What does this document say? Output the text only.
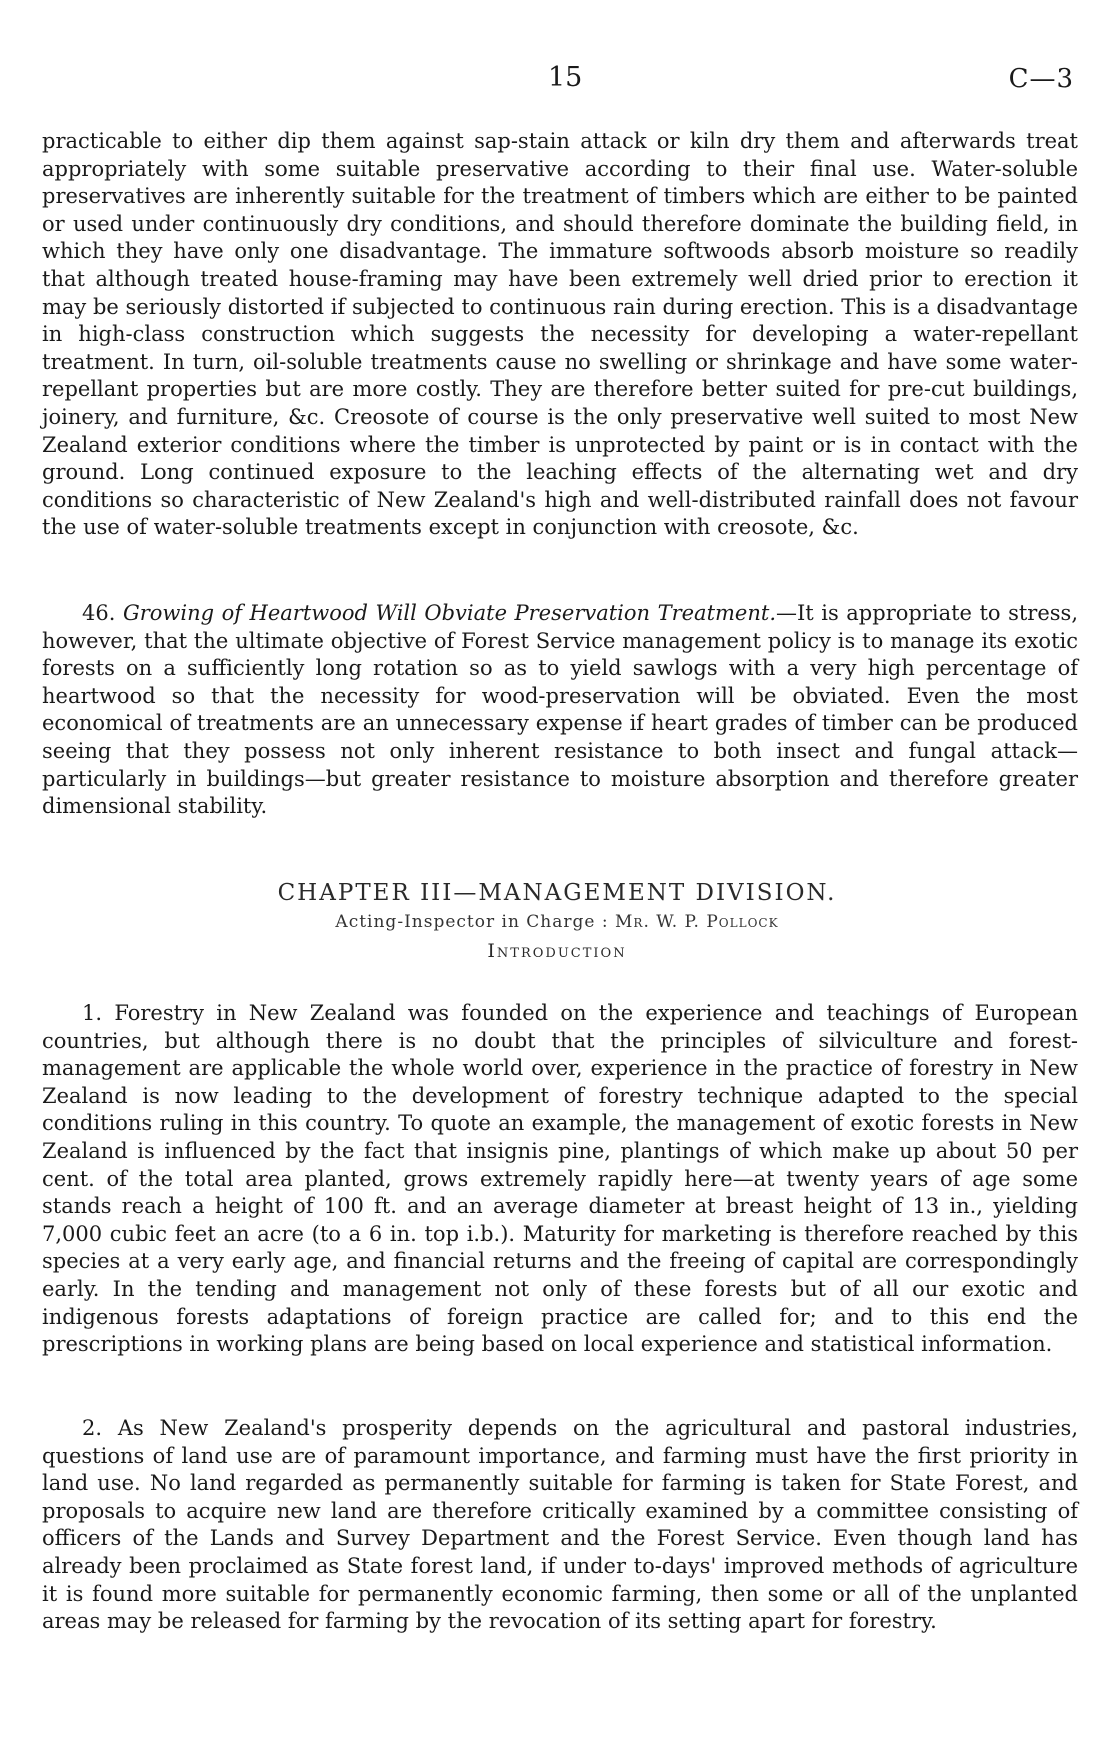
15	C—3

practicable to either dip them against sap-stain attack or kiln dry them and afterwards treat appropriately with some suitable preservative according to their final use. Water-soluble preservatives are inherently suitable for the treatment of timbers which are either to be painted or used under continuously dry conditions, and should therefore dominate the building field, in which they have only one disadvantage. The immature softwoods absorb moisture so readily that although treated house-framing may have been extremely well dried prior to erection it may be seriously distorted if subjected to continuous rain during erection. This is a disadvantage in high-class construction which suggests the necessity for developing a water-repellant treatment. In turn, oil-soluble treatments cause no swelling or shrinkage and have some water-repellant properties but are more costly. They are therefore better suited for pre-cut buildings, joinery, and furniture, &c. Creosote of course is the only preservative well suited to most New Zealand exterior conditions where the timber is unprotected by paint or is in contact with the ground. Long continued exposure to the leaching effects of the alternating wet and dry conditions so characteristic of New Zealand's high and well-distributed rainfall does not favour the use of water-soluble treatments except in conjunction with creosote, &c.

46. Growing of Heartwood Will Obviate Preservation Treatment.—It is appropriate to stress, however, that the ultimate objective of Forest Service management policy is to manage its exotic forests on a sufficiently long rotation so as to yield sawlogs with a very high percentage of heartwood so that the necessity for wood-preservation will be obviated. Even the most economical of treatments are an unnecessary expense if heart grades of timber can be produced seeing that they possess not only inherent resistance to both insect and fungal attack—particularly in buildings—but greater resistance to moisture absorption and therefore greater dimensional stability.

CHAPTER III—MANAGEMENT DIVISION.
Acting-Inspector in Charge : Mr. W. P. Pollock
Introduction

1. Forestry in New Zealand was founded on the experience and teachings of European countries, but although there is no doubt that the principles of silviculture and forest-management are applicable the whole world over, experience in the practice of forestry in New Zealand is now leading to the development of forestry technique adapted to the special conditions ruling in this country. To quote an example, the management of exotic forests in New Zealand is influenced by the fact that insignis pine, plantings of which make up about 50 per cent. of the total area planted, grows extremely rapidly here—at twenty years of age some stands reach a height of 100 ft. and an average diameter at breast height of 13 in., yielding 7,000 cubic feet an acre (to a 6 in. top i.b.). Maturity for marketing is therefore reached by this species at a very early age, and financial returns and the freeing of capital are correspondingly early. In the tending and management not only of these forests but of all our exotic and indigenous forests adaptations of foreign practice are called for; and to this end the prescriptions in working plans are being based on local experience and statistical information.

2. As New Zealand's prosperity depends on the agricultural and pastoral industries, questions of land use are of paramount importance, and farming must have the first priority in land use. No land regarded as permanently suitable for farming is taken for State Forest, and proposals to acquire new land are therefore critically examined by a committee consisting of officers of the Lands and Survey Department and the Forest Service. Even though land has already been proclaimed as State forest land, if under to-days' improved methods of agriculture it is found more suitable for permanently economic farming, then some or all of the unplanted areas may be released for farming by the revocation of its setting apart for forestry.
